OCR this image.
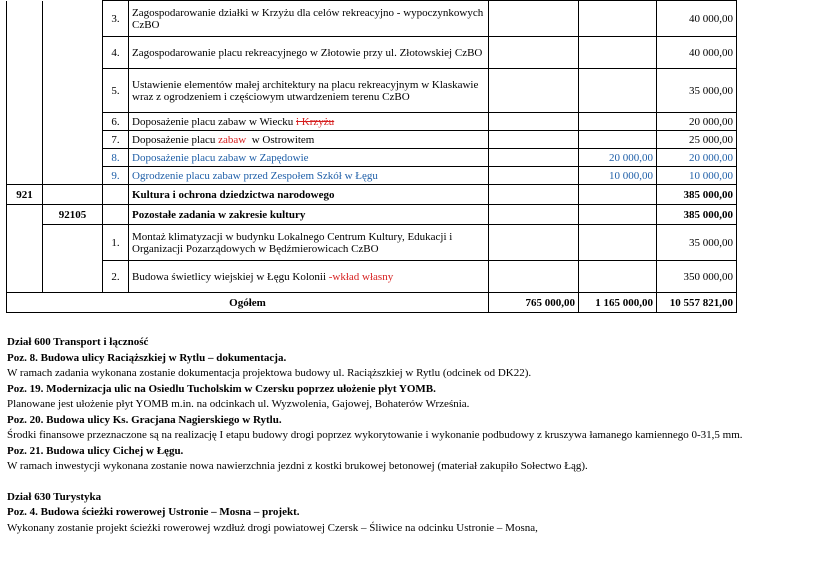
		3.	Zagospodarowanie działki w Krzyżu dla celów rekreacyjno - wypoczynkowych CzBO			40 000,00
		4.	Zagospodarowanie placu rekreacyjnego w Złotowie przy ul. Złotowskiej CzBO			40 000,00
		5.	Ustawienie elementów małej architektury na placu rekreacyjnym w Klaskawie wraz z ogrodzeniem i częściowym utwardzeniem terenu CzBO			35 000,00
		6.	Doposażenie placu zabaw w Wiecku i Krzyżu			20 000,00
		7.	Doposażenie placu zabaw w Ostrowitem			25 000,00
		8.	Doposażenie placu zabaw w Zapędowie		20 000,00	20 000,00
		9.	Ogrodzenie placu zabaw przed Zespołem Szkół w Łęgu		10 000,00	10 000,00
921			Kultura i ochrona dziedzictwa narodowego			385 000,00
	92105		Pozostałe zadania w zakresie kultury			385 000,00
		1.	Montaż klimatyzacji w budynku Lokalnego Centrum Kultury, Edukacji i Organizacji Pozarządowych w Będźmierowicach CzBO			35 000,00
		2.	Budowa świetlicy wiejskiej w Łęgu Kolonii -wkład własny			350 000,00
Ogółem				765 000,00	1 165 000,00	10 557 821,00

Dział 600 Transport i łączność

Poz. 8. Budowa ulicy Raciąższkiej w Rytlu – dokumentacja.

W ramach zadania wykonana zostanie dokumentacja projektowa budowy ul. Raciąższkiej w Rytlu (odcinek od DK22).

Poz. 19. Modernizacja ulic na Osiedlu Tucholskim w Czersku poprzez ułożenie płyt YOMB.

Planowane jest ułożenie płyt YOMB m.in. na odcinkach ul. Wyzwolenia, Gajowej, Bohaterów Września.

Poz. 20. Budowa ulicy Ks. Gracjana Nagierskiego w Rytlu.

Środki finansowe przeznaczone są na realizację I etapu budowy drogi poprzez wykorytowanie i wykonanie podbudowy z kruszywa łamanego kamiennego 0-31,5 mm.

Poz. 21. Budowa ulicy Cichej w Łęgu.

W ramach inwestycji wykonana zostanie nowa nawierzchnia jezdni z kostki brukowej betonowej (materiał zakupiło Sołectwo Łąg).

Dział 630 Turystyka

Poz. 4. Budowa ścieżki rowerowej Ustronie – Mosna – projekt.

Wykonany zostanie projekt ścieżki rowerowej wzdłuż drogi powiatowej Czersk – Śliwice na odcinku Ustronie – Mosna,
